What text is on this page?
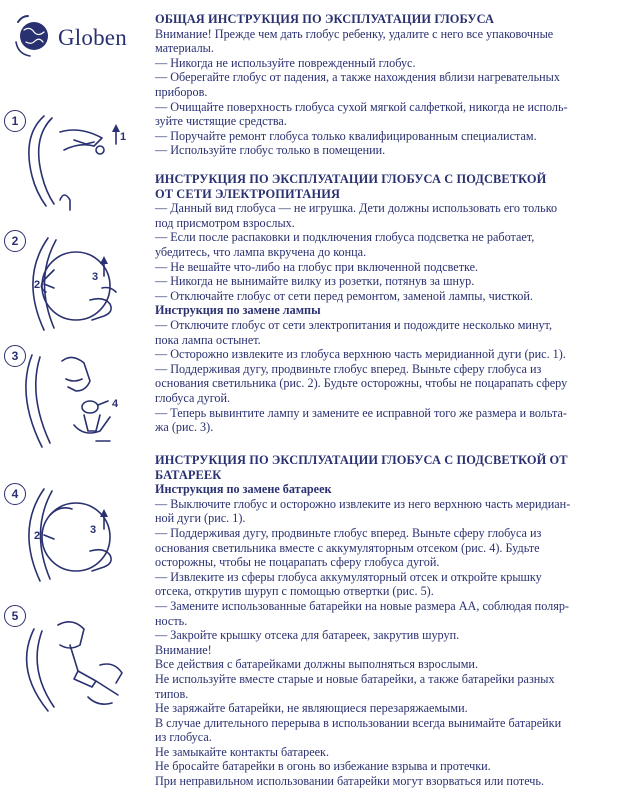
Globen
1
1
2
3
2
3
4
4
3
2
5

ОБЩАЯ ИНСТРУКЦИЯ ПО ЭКСПЛУАТАЦИИ ГЛОБУСА

Внимание! Прежде чем дать глобус ребенку, удалите с него все упаковочные

материалы.

— Никогда не используйте поврежденный глобус.

— Оберегайте глобус от падения, а также нахождения вблизи нагревательных

приборов.

— Очищайте поверхность глобуса сухой мягкой салфеткой, никогда не исполь-

зуйте чистящие средства.

— Поручайте ремонт глобуса только квалифицированным специалистам.

— Используйте глобус только в помещении.

ИНСТРУКЦИЯ ПО ЭКСПЛУАТАЦИИ ГЛОБУСА С ПОДСВЕТКОЙ

ОТ СЕТИ ЭЛЕКТРОПИТАНИЯ

— Данный вид глобуса — не игрушка. Дети должны использовать его только

под присмотром взрослых.

— Если после распаковки и подключения глобуса подсветка не работает,

убедитесь, что лампа вкручена до конца.

— Не вешайте что-либо на глобус при включенной подсветке.

— Никогда не вынимайте вилку из розетки, потянув за шнур.

— Отключайте глобус от сети перед ремонтом, заменой лампы, чисткой.

Инструкция по замене лампы

— Отключите глобус от сети электропитания и подождите несколько минут,

пока лампа остынет.

— Осторожно извлеките из глобуса верхнюю часть меридианной дуги (рис. 1).

— Поддерживая дугу, продвиньте глобус вперед. Выньте сферу глобуса из

основания светильника (рис. 2). Будьте осторожны, чтобы не поцарапать сферу

глобуса дугой.

— Теперь вывинтите лампу и замените ее исправной того же размера и вольта-

жа (рис. 3).

ИНСТРУКЦИЯ ПО ЭКСПЛУАТАЦИИ ГЛОБУСА С ПОДСВЕТКОЙ ОТ

БАТАРЕЕК

Инструкция по замене батареек

— Выключите глобус и осторожно извлеките из него верхнюю часть меридиан-

ной дуги (рис. 1).

— Поддерживая дугу, продвиньте глобус вперед. Выньте сферу глобуса из

основания светильника вместе с аккумуляторным отсеком (рис. 4). Будьте

осторожны, чтобы не поцарапать сферу глобуса дугой.

— Извлеките из сферы глобуса аккумуляторный отсек и откройте крышку

отсека, открутив шуруп с помощью отвертки (рис. 5).

— Замените использованные батарейки на новые размера АА, соблюдая поляр-

ность.

— Закройте крышку отсека для батареек, закрутив шуруп.

Внимание!

Все действия с батарейками должны выполняться взрослыми.

Не используйте вместе старые и новые батарейки, а также батарейки разных

типов.

Не заряжайте батарейки, не являющиеся перезаряжаемыми.

В случае длительного перерыва в использовании всегда вынимайте батарейки

из глобуса.

Не замыкайте контакты батареек.

Не бросайте батарейки в огонь во избежание взрыва и протечки.

При неправильном использовании батарейки могут взорваться или потечь.
